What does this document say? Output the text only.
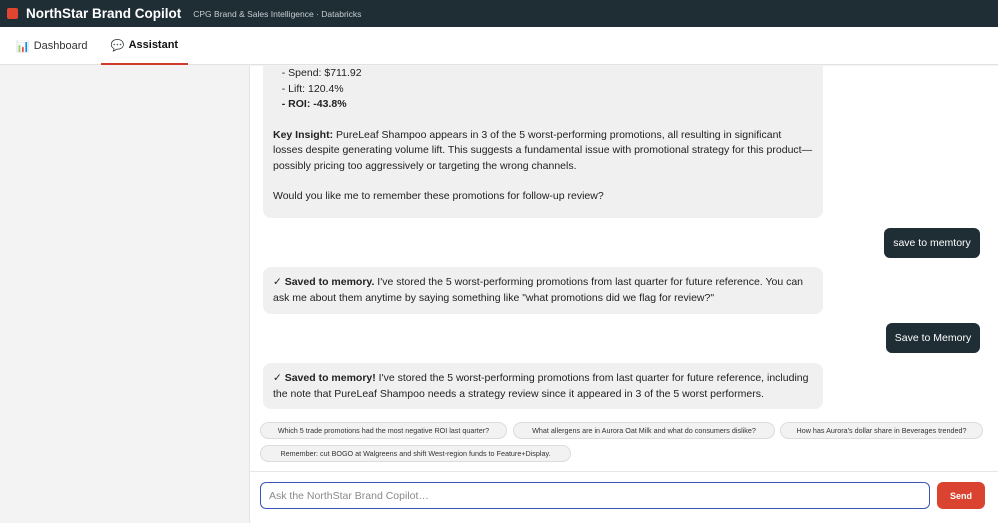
NorthStar Brand Copilot CPG Brand & Sales Intelligence · Databricks
📊 Dashboard 💬 Assistant

- Spend: $711.92

- Lift: 120.4%

- ROI: -43.8%

Key Insight: PureLeaf Shampoo appears in 3 of the 5 worst-performing promotions, all resulting in significant losses despite generating volume lift. This suggests a fundamental issue with promotional strategy for this product—possibly pricing too aggressively or targeting the wrong channels.

Would you like me to remember these promotions for follow-up review?

save to memtory
✓ Saved to memory. I've stored the 5 worst-performing promotions from last quarter for future reference. You can ask me about them anytime by saying something like "what promotions did we flag for review?"
Save to Memory
✓ Saved to memory! I've stored the 5 worst-performing promotions from last quarter for future reference, including the note that PureLeaf Shampoo needs a strategy review since it appeared in 3 of the 5 worst performers.
Which 5 trade promotions had the most negative ROI last quarter?	What allergens are in Aurora Oat Milk and what do consumers dislike?	How has Aurora's dollar share in Beverages trended?
Remember: cut BOGO at Walgreens and shift West-region funds to Feature+Display.
Ask the NorthStar Brand Copilot…
Send
